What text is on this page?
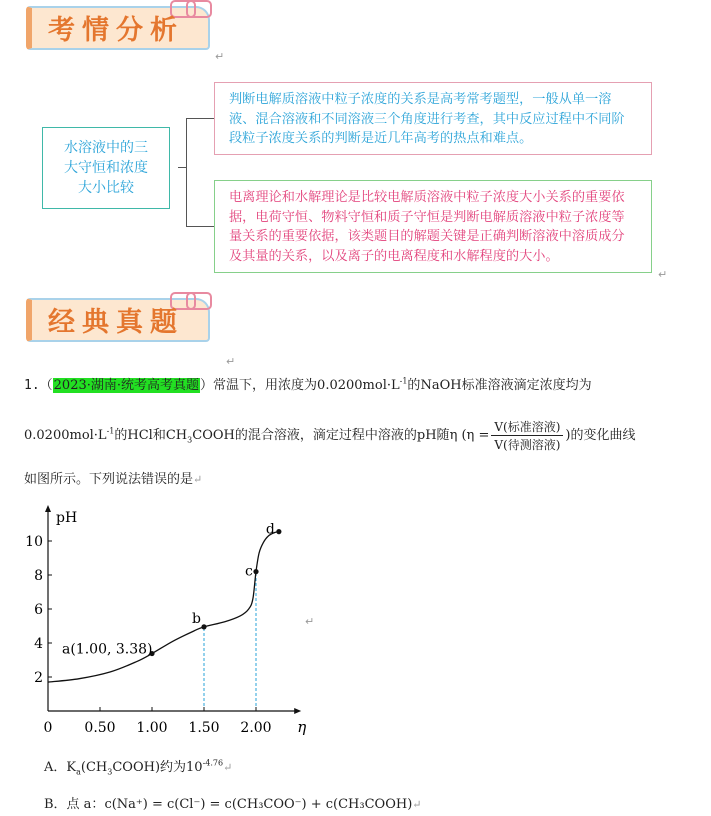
考情分析
↵
水溶液中的三
大守恒和浓度
大小比较
判断电解质溶液中粒子浓度的关系是高考常考题型，一般从单一溶液、混合溶液和不同溶液三个角度进行考查，其中反应过程中不同阶段粒子浓度关系的判断是近几年高考的热点和难点。
电离理论和水解理论是比较电解质溶液中粒子浓度大小关系的重要依据，电荷守恒、物料守恒和质子守恒是判断电解质溶液中粒子浓度等量关系的重要依据，该类题目的解题关键是正确判断溶液中溶质成分及其量的关系，以及离子的电离程度和水解程度的大小。
↵
经典真题
↵
1.（2023·湖南·统考高考真题）常温下，用浓度为$0.0200mol\cdot L^{-1}$的NaOH标准溶液滴定浓度均为
$0.0200mol\cdot L^{-1}$的HCl和$CH_3COOH$的混合溶液，滴定过程中溶液的pH随η ($\eta = \frac{\text{V(标准溶液)}}{\text{V(待测溶液)}}$ )的变化曲线
如图所示。下列说法错误的是↵
pH
η
a(1.00, 3.38)
b
c
d
0 0.50 1.00 1.50 2.00
2
4
6
8
10
↵
A．$K_a(CH_3COOH)$约为$10^{-4.76}↵$
B．点 a：c(Na⁺) = c(Cl⁻) = c(CH₃COO⁻) + c(CH₃COOH)↵
